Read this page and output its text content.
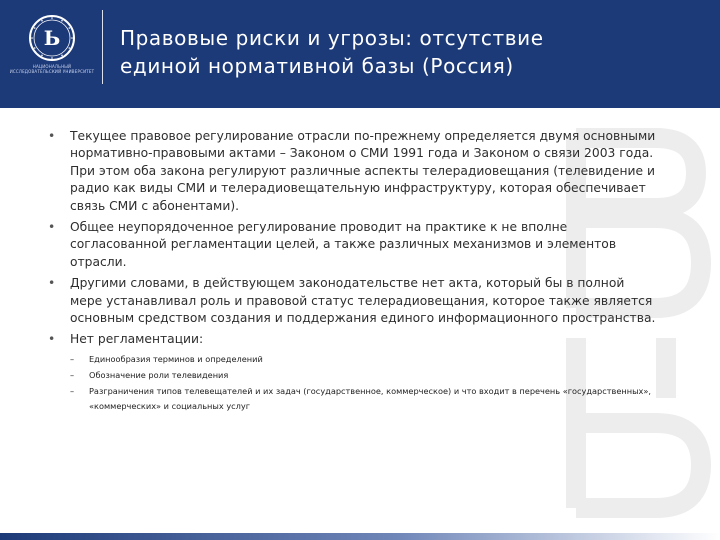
Ь
НАЦИОНАЛЬНЫЙ ИССЛЕДОВАТЕЛЬСКИЙ УНИВЕРСИТЕТ
Правовые риски и угрозы: отсутствие
единой нормативной базы (Россия)
• Текущее правовое регулирование отрасли по-прежнему определяется двумя основными нормативно-правовыми актами – Законом о СМИ 1991 года и Законом о связи 2003 года. При этом оба закона регулируют различные аспекты телерадиовещания (телевидение и радио как виды СМИ и телерадиовещательную инфраструктуру, которая обеспечивает связь СМИ с абонентами).
• Общее неупорядоченное регулирование проводит на практике к не вполне согласованной регламентации целей, а также различных механизмов и элементов отрасли.
• Другими словами, в действующем законодательстве нет акта, который бы в полной мере устанавливал роль и правовой статус телерадиовещания, которое также является основным средством создания и поддержания единого информационного пространства.
• Нет регламентации:
– Единообразия терминов и определений
– Обозначение роли телевидения
– Разграничения типов телевещателей и их задач (государственное, коммерческое) и что входит в перечень «государственных», «коммерческих» и социальных услуг
